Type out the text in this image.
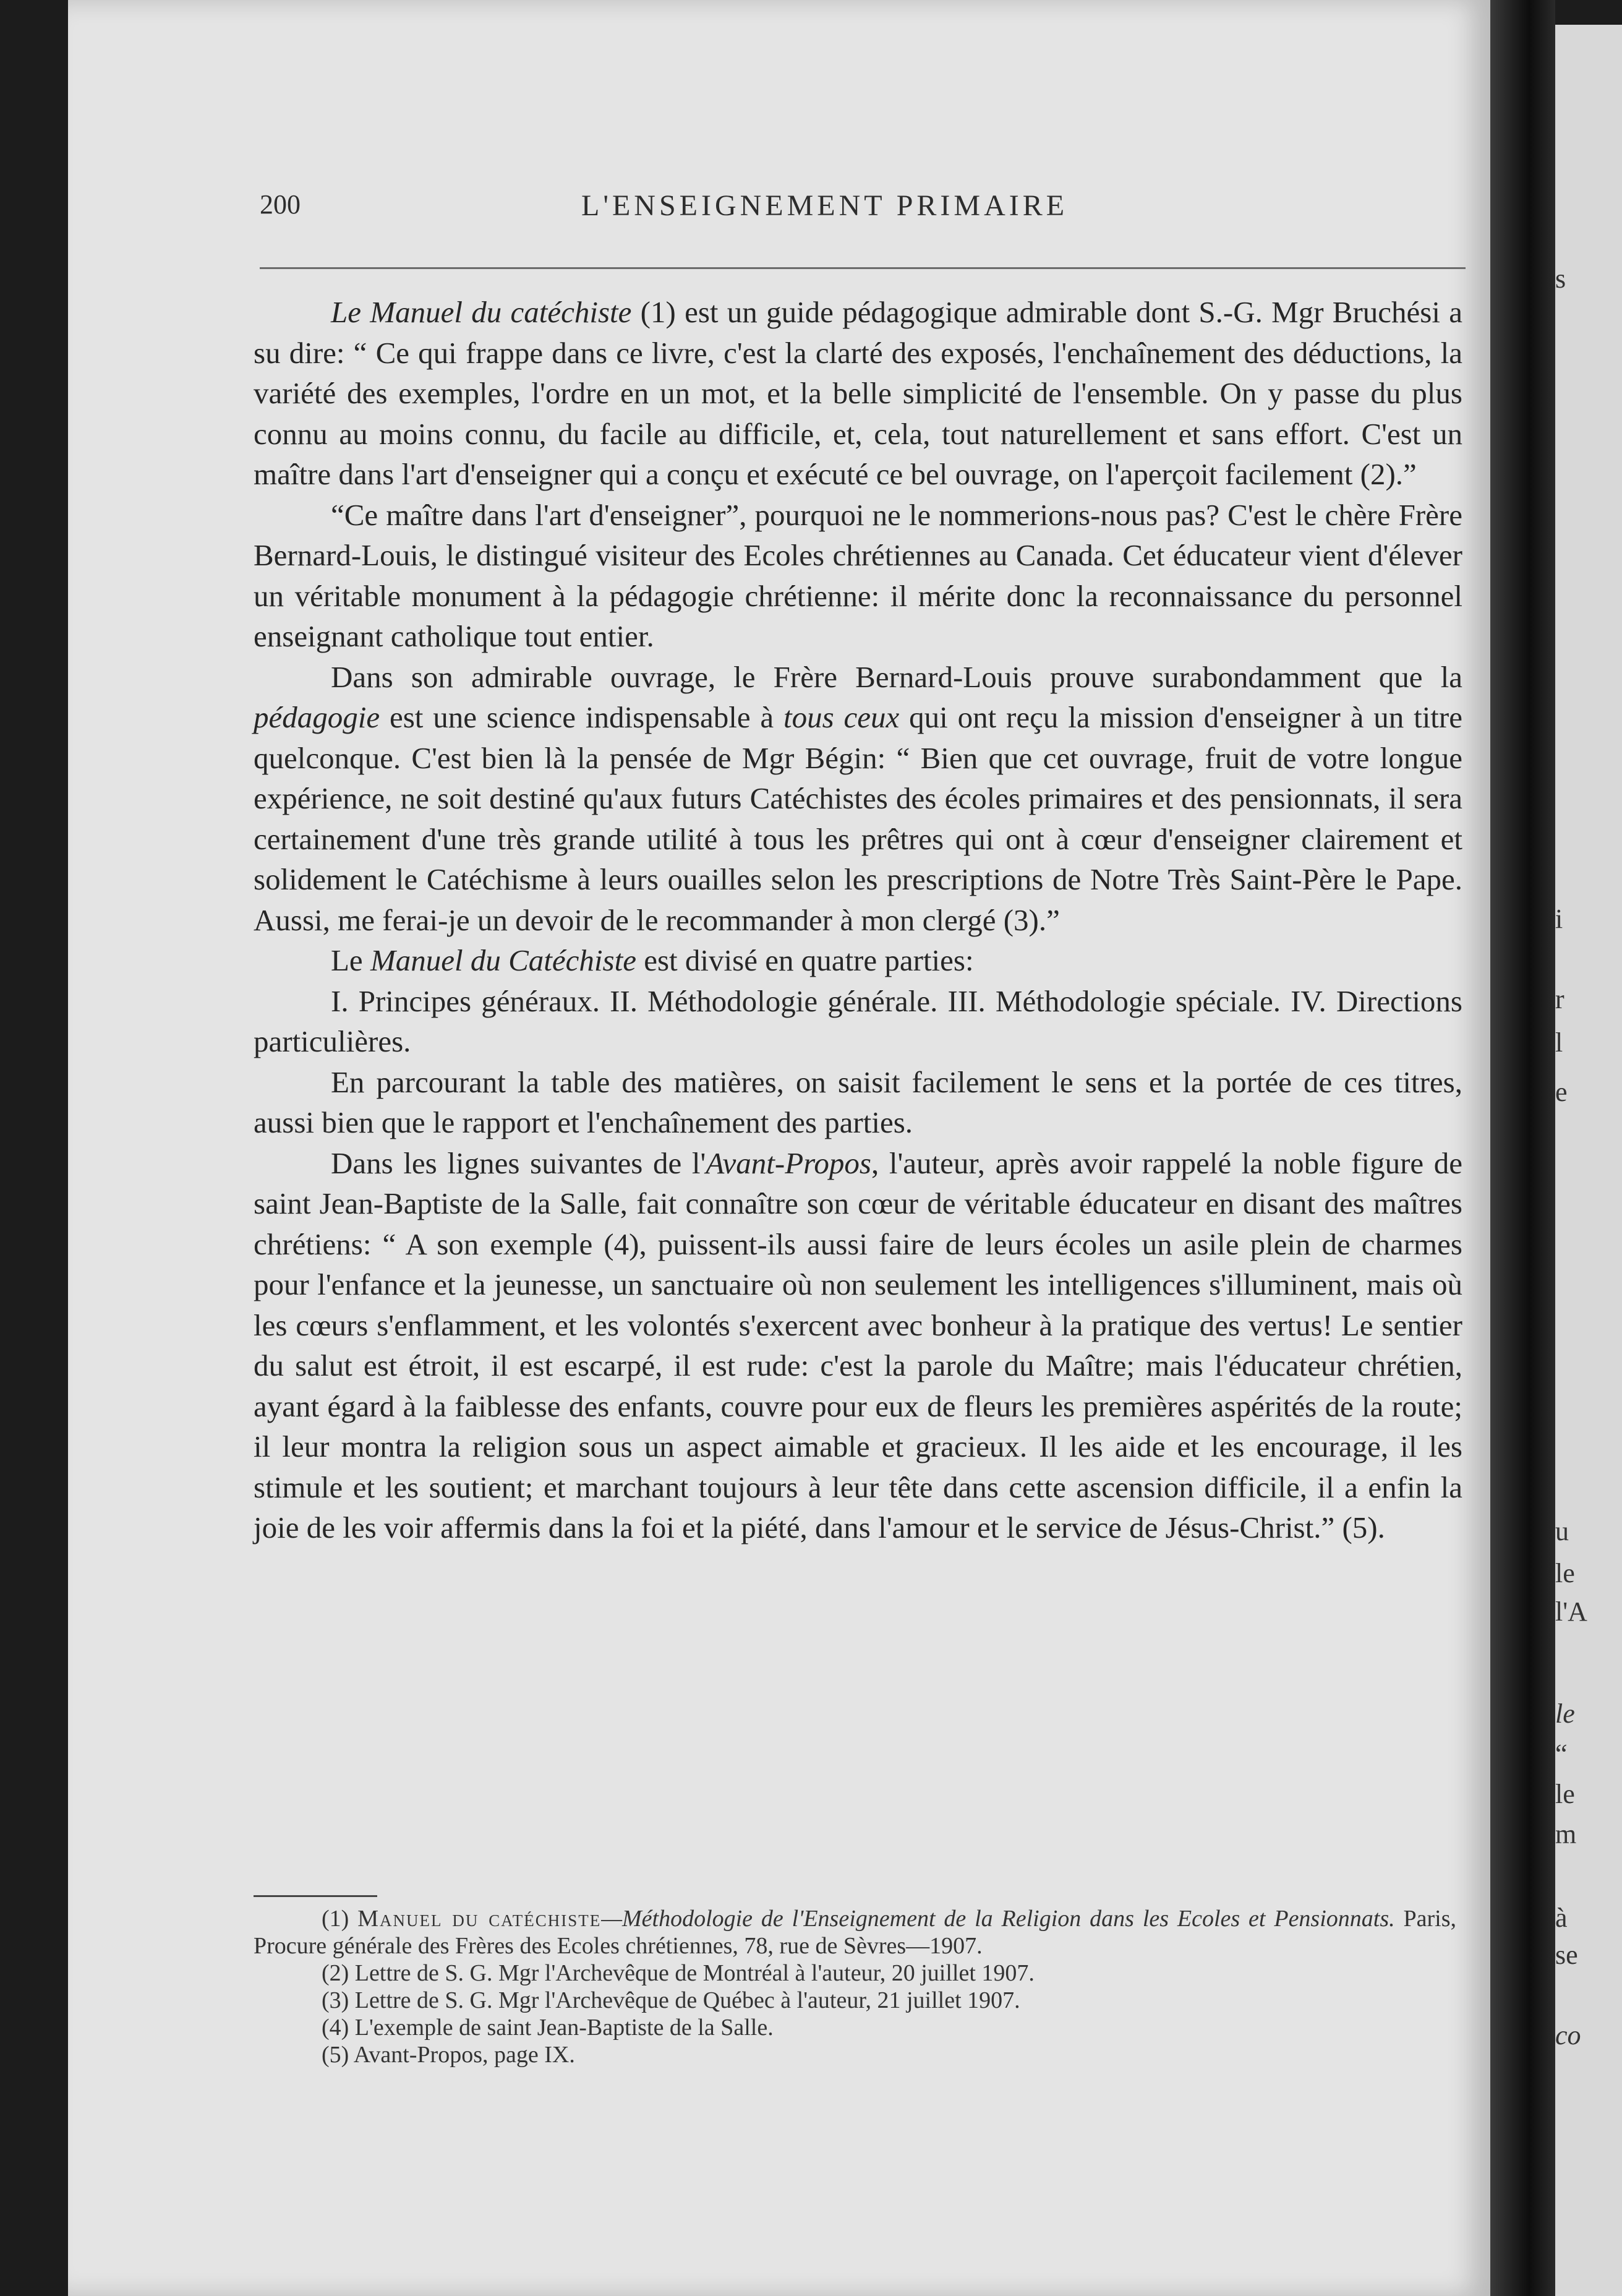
s
i
r
l
e
u
le
l'A
le
“
le
m
à
se
co
200	L'ENSEIGNEMENT PRIMAIRE

Le Manuel du catéchiste (1) est un guide pédagogique admirable dont S.-G. Mgr Bruchési a su dire: “ Ce qui frappe dans ce livre, c'est la clarté des exposés, l'enchaînement des déductions, la variété des exemples, l'ordre en un mot, et la belle simplicité de l'ensemble. On y passe du plus connu au moins connu, du facile au difficile, et, cela, tout naturellement et sans effort. C'est un maître dans l'art d'enseigner qui a conçu et exécuté ce bel ouvrage, on l'aperçoit facilement (2).”

“Ce maître dans l'art d'enseigner”, pourquoi ne le nommerions-nous pas? C'est le chère Frère Bernard-Louis, le distingué visiteur des Ecoles chrétiennes au Canada. Cet éducateur vient d'élever un véritable monument à la pédagogie chrétienne: il mérite donc la reconnaissance du personnel enseignant catholique tout entier.

Dans son admirable ouvrage, le Frère Bernard-Louis prouve surabondamment que la pédagogie est une science indispensable à tous ceux qui ont reçu la mission d'enseigner à un titre quelconque. C'est bien là la pensée de Mgr Bégin: “ Bien que cet ouvrage, fruit de votre longue expérience, ne soit destiné qu'aux futurs Catéchistes des écoles primaires et des pensionnats, il sera certainement d'une très grande utilité à tous les prêtres qui ont à cœur d'enseigner clairement et solidement le Catéchisme à leurs ouailles selon les prescriptions de Notre Très Saint-Père le Pape. Aussi, me ferai-je un devoir de le recommander à mon clergé (3).”

Le Manuel du Catéchiste est divisé en quatre parties:

I. Principes généraux. II. Méthodologie générale. III. Méthodologie spéciale. IV. Directions particulières.

En parcourant la table des matières, on saisit facilement le sens et la portée de ces titres, aussi bien que le rapport et l'enchaînement des parties.

Dans les lignes suivantes de l'Avant-Propos, l'auteur, après avoir rappelé la noble figure de saint Jean-Baptiste de la Salle, fait connaître son cœur de véritable éducateur en disant des maîtres chrétiens: “ A son exemple (4), puissent-ils aussi faire de leurs écoles un asile plein de charmes pour l'enfance et la jeunesse, un sanctuaire où non seulement les intelligences s'illuminent, mais où les cœurs s'enflamment, et les volontés s'exercent avec bonheur à la pratique des vertus! Le sentier du salut est étroit, il est escarpé, il est rude: c'est la parole du Maître; mais l'éducateur chrétien, ayant égard à la faiblesse des enfants, couvre pour eux de fleurs les premières aspérités de la route; il leur montra la religion sous un aspect aimable et gracieux. Il les aide et les encourage, il les stimule et les soutient; et marchant toujours à leur tête dans cette ascension difficile, il a enfin la joie de les voir affermis dans la foi et la piété, dans l'amour et le service de Jésus-Christ.” (5).

(1) Manuel du catéchiste—Méthodologie de l'Enseignement de la Religion dans les Ecoles et Pensionnats. Paris, Procure générale des Frères des Ecoles chrétiennes, 78, rue de Sèvres—1907.

(2) Lettre de S. G. Mgr l'Archevêque de Montréal à l'auteur, 20 juillet 1907.

(3) Lettre de S. G. Mgr l'Archevêque de Québec à l'auteur, 21 juillet 1907.

(4) L'exemple de saint Jean-Baptiste de la Salle.

(5) Avant-Propos, page IX.
